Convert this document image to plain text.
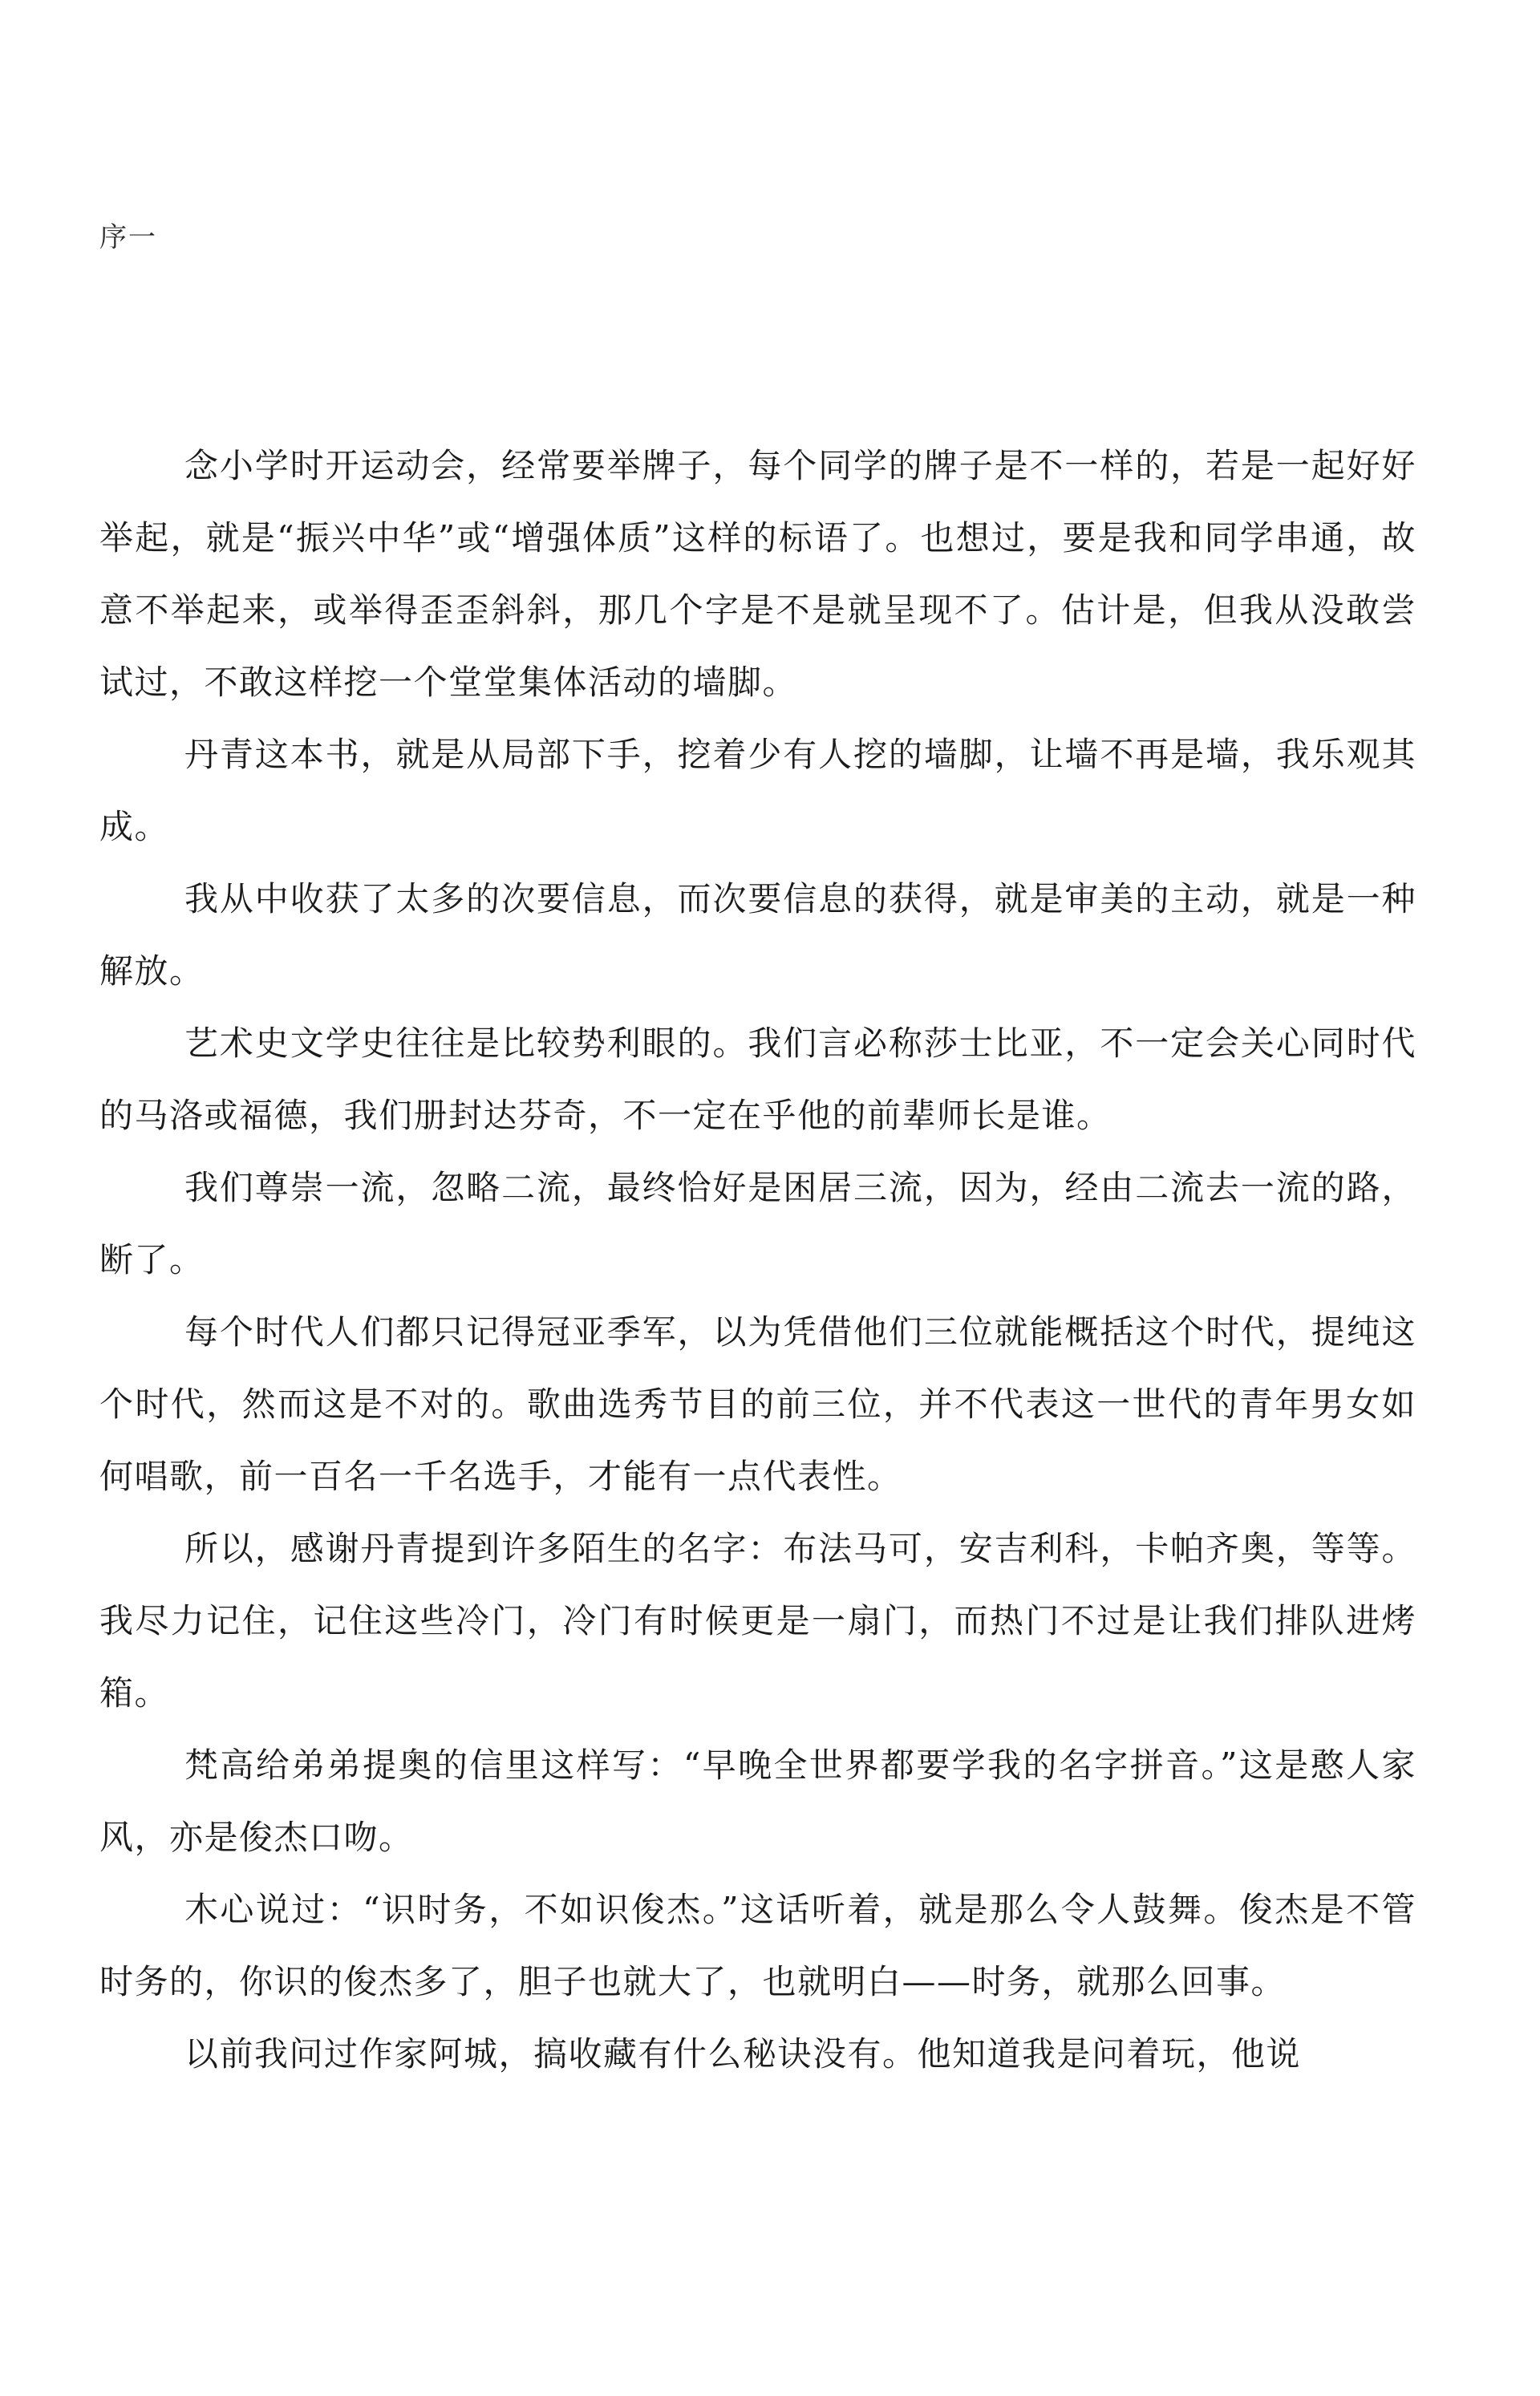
序一

念小学时开运动会，经常要举牌子，每个同学的牌子是不一样的，若是一起好好举起，就是“振兴中华”或“增强体质”这样的标语了。也想过，要是我和同学串通，故意不举起来，或举得歪歪斜斜，那几个字是不是就呈现不了。估计是，但我从没敢尝试过，不敢这样挖一个堂堂集体活动的墙脚。

丹青这本书，就是从局部下手，挖着少有人挖的墙脚，让墙不再是墙，我乐观其成。

我从中收获了太多的次要信息，而次要信息的获得，就是审美的主动，就是一种解放。

艺术史文学史往往是比较势利眼的。我们言必称莎士比亚，不一定会关心同时代的马洛或福德，我们册封达芬奇，不一定在乎他的前辈师长是谁。

我们尊崇一流，忽略二流，最终恰好是困居三流，因为，经由二流去一流的路，断了。

每个时代人们都只记得冠亚季军，以为凭借他们三位就能概括这个时代，提纯这个时代，然而这是不对的。歌曲选秀节目的前三位，并不代表这一世代的青年男女如何唱歌，前一百名一千名选手，才能有一点代表性。

所以，感谢丹青提到许多陌生的名字：布法马可，安吉利科，卡帕齐奥，等等。我尽力记住，记住这些冷门，冷门有时候更是一扇门，而热门不过是让我们排队进烤箱。

梵高给弟弟提奥的信里这样写：“早晚全世界都要学我的名字拼音。”这是憨人家风，亦是俊杰口吻。

木心说过：“识时务，不如识俊杰。”这话听着，就是那么令人鼓舞。俊杰是不管时务的，你识的俊杰多了，胆子也就大了，也就明白——时务，就那么回事。

以前我问过作家阿城，搞收藏有什么秘诀没有。他知道我是问着玩，他说
